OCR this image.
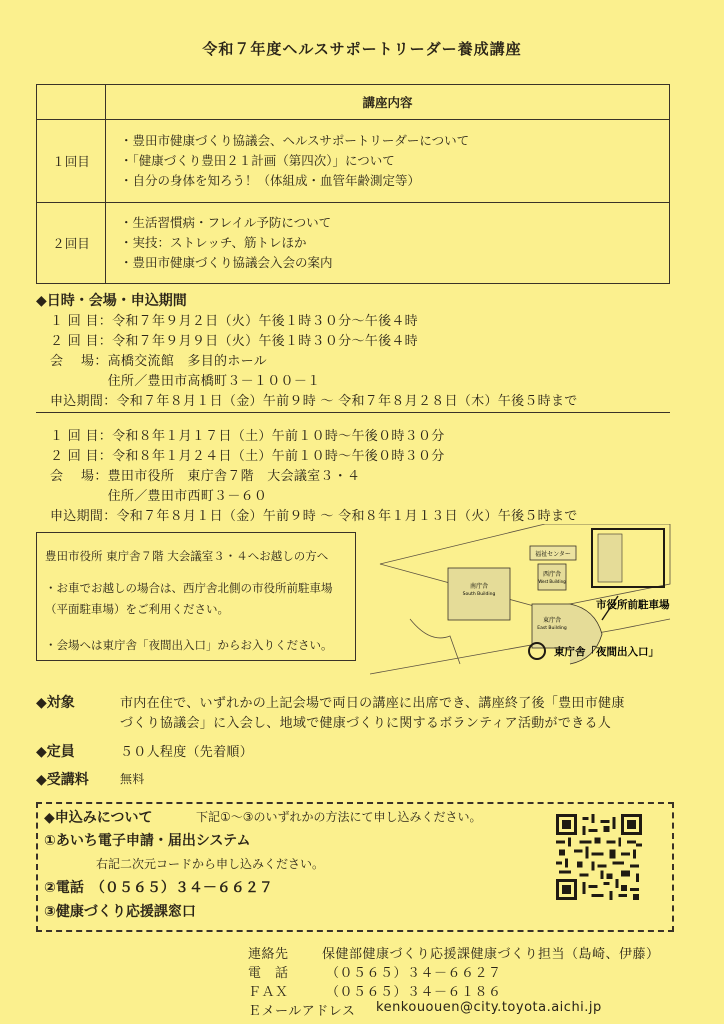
令和７年度ヘルスサポートリーダー養成講座
	講座内容
１回目	・豊田市健康づくり協議会、ヘルスサポートリーダーについて
・「健康づくり豊田２１計画（第四次）」について
・自分の身体を知ろう！（体組成・血管年齢測定等）

２回目	・生活習慣病・フレイル予防について
・実技：ストレッチ、筋トレほか
・豊田市健康づくり協議会入会の案内
◆日時・会場・申込期間
１ 回 目：令和７年９月２日（火）午後１時３０分～午後４時
２ 回 目：令和７年９月９日（火）午後１時３０分～午後４時
会　 場：高橋交流館　多目的ホール
　　　　 住所／豊田市高橋町３－１００－１
申込期間：令和７年８月１日（金）午前９時 ～ 令和７年８月２８日（木）午後５時まで
１ 回 目：令和８年１月１７日（土）午前１０時～午後０時３０分
２ 回 目：令和８年１月２４日（土）午前１０時～午後０時３０分
会　 場：豊田市役所　東庁舎７階　大会議室３・４
　　　　 住所／豊田市西町３－６０
申込期間：令和７年８月１日（金）午前９時 ～ 令和８年１月１３日（火）午後５時まで
豊田市役所 東庁舎７階 大会議室３・４へお越しの方へ
・お車でお越しの場合は、西庁舎北側の市役所前駐車場
（平面駐車場）をご利用ください。
・会場へは東庁舎「夜間出入口」からお入りください。
福祉センター
西庁舎
West Building
南庁舎
South Building
東庁舎
East Building
市役所前駐車場
東庁舎「夜間出入口」
◆対象	市内在住で、いずれかの上記会場で両日の講座に出席でき、講座終了後「豊田市健康
づくり協議会」に入会し、地域で健康づくりに関するボランティア活動ができる人
◆定員	５０人程度（先着順）
◆受講料	無料
◆申込みについて	下記①～③のいずれかの方法にて申し込みください。
①あいち電子申請・届出システム
右記二次元コードから申し込みください。
②電話　（０５６５）３４－６６２７
③健康づくり応援課窓口
連絡先	保健部健康づくり応援課健康づくり担当（島崎、伊藤）
電　話	（０５６５）３４－６６２７
ＦＡＸ	（０５６５）３４－６１８６
Ｅメールアドレス kenkououen@city.toyota.aichi.jp
